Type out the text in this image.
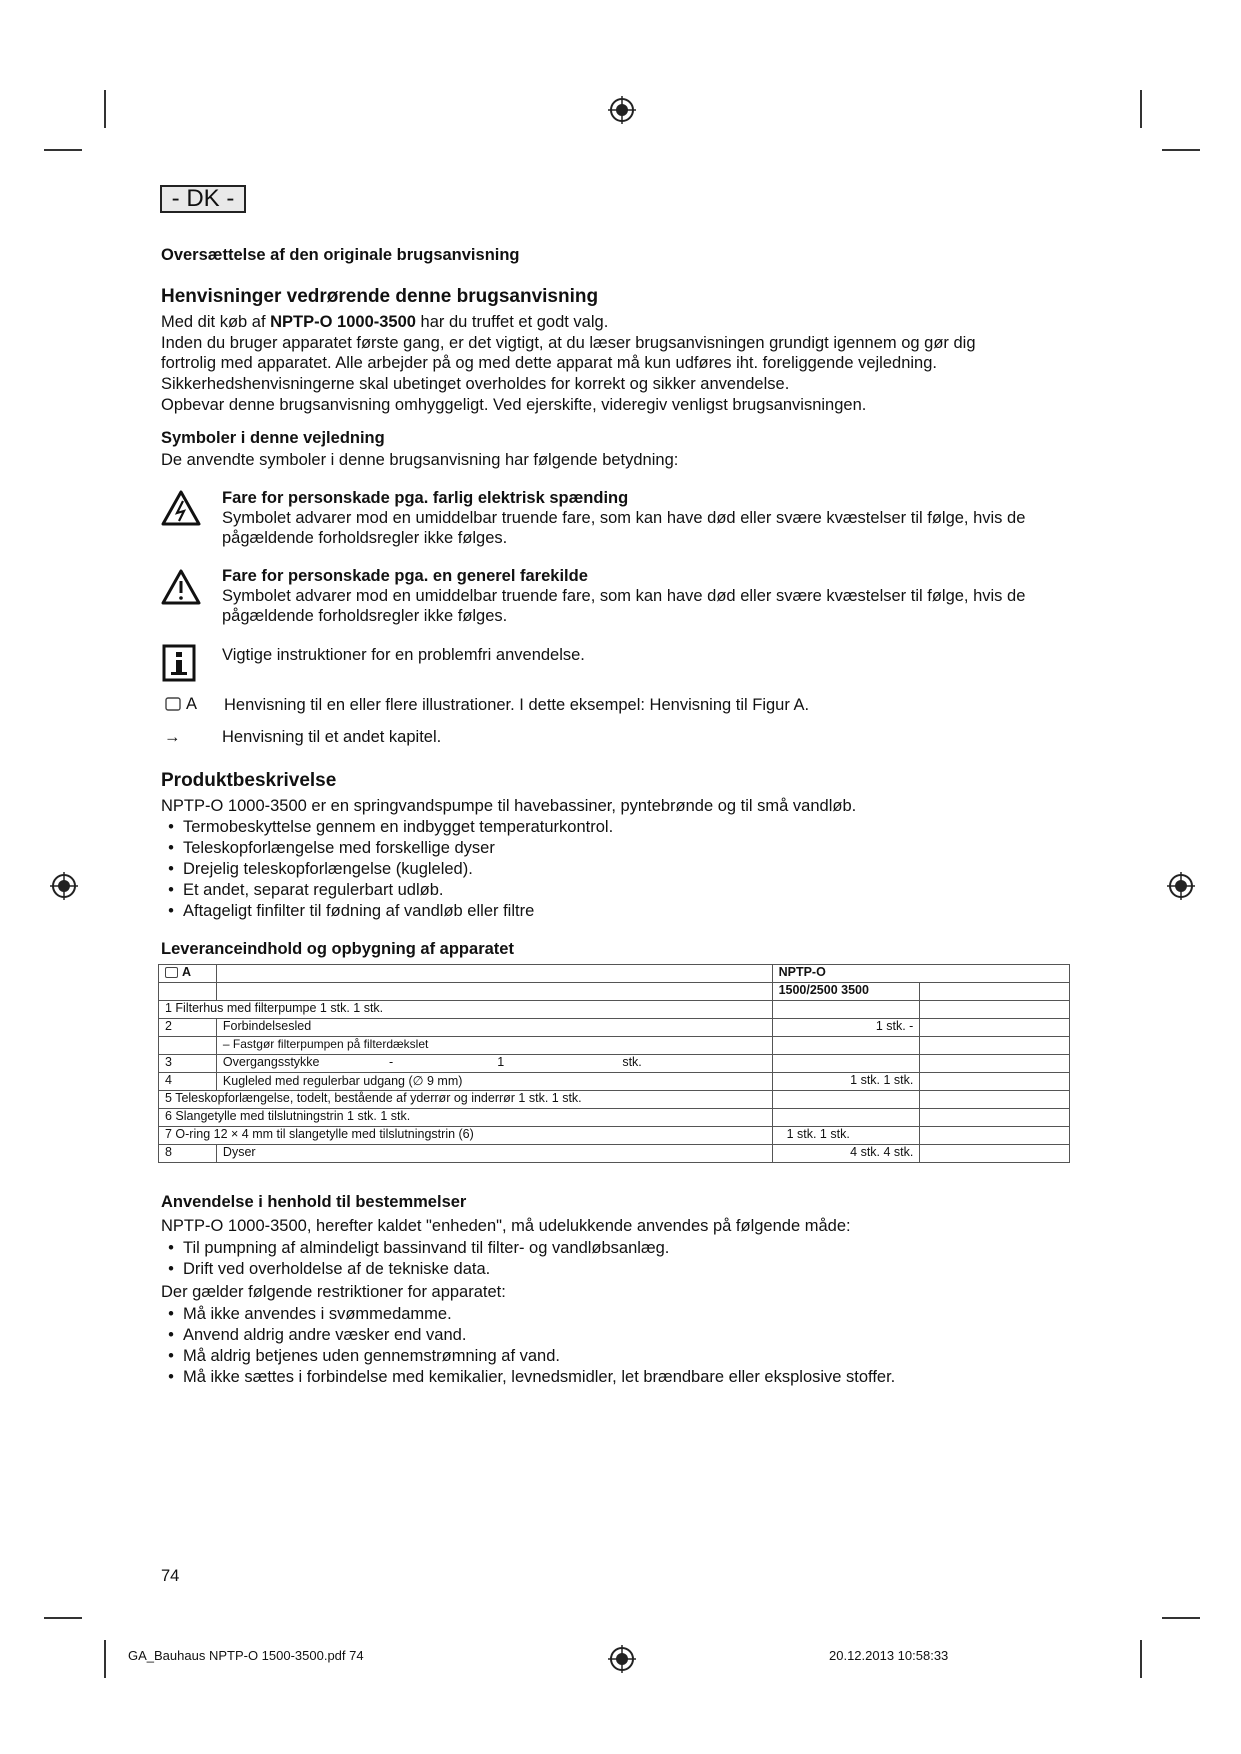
- DK -
Oversættelse af den originale brugsanvisning
Henvisninger vedrørende denne brugsanvisning
Med dit køb af NPTP-O 1000-3500 har du truffet et godt valg.
Inden du bruger apparatet første gang, er det vigtigt, at du læser brugsanvisningen grundigt igennem og gør dig
fortrolig med apparatet. Alle arbejder på og med dette apparat må kun udføres iht. foreliggende vejledning.
Sikkerhedshenvisningerne skal ubetinget overholdes for korrekt og sikker anvendelse.
Opbevar denne brugsanvisning omhyggeligt. Ved ejerskifte, videregiv venligst brugsanvisningen.
Symboler i denne vejledning
De anvendte symboler i denne brugsanvisning har følgende betydning:
Fare for personskade pga. farlig elektrisk spænding
Symbolet advarer mod en umiddelbar truende fare, som kan have død eller svære kvæstelser til følge, hvis de
pågældende forholdsregler ikke følges.
Fare for personskade pga. en generel farekilde
Symbolet advarer mod en umiddelbar truende fare, som kan have død eller svære kvæstelser til følge, hvis de
pågældende forholdsregler ikke følges.
Vigtige instruktioner for en problemfri anvendelse.
A Henvisning til en eller flere illustrationer. I dette eksempel: Henvisning til Figur A.
→	Henvisning til et andet kapitel.
Produktbeskrivelse
NPTP-O 1000-3500 er en springvandspumpe til havebassiner, pyntebrønde og til små vandløb.
• Termobeskyttelse gennem en indbygget temperaturkontrol.
• Teleskopforlængelse med forskellige dyser
• Drejelig teleskopforlængelse (kugleled).
• Et andet, separat regulerbart udløb.
• Aftageligt finfilter til fødning af vandløb eller filtre
Leveranceindhold og opbygning af apparatet
A		NPTP-O	
		1500/2500 3500	
1 Filterhus med filterpumpe 1 stk. 1 stk.			
2	Forbindelsesled	1 stk. -	
	– Fastgør filterpumpen på filterdækslet		
3	Overgangsstykke                    -                              1                                  stk.		
4	Kugleled med regulerbar udgang (∅ 9 mm)	1 stk. 1 stk.	
5 Teleskopforlængelse, todelt, bestående af yderrør og inderrør 1 stk. 1 stk.			
6 Slangetylle med tilslutningstrin 1 stk. 1 stk.			
7 O-ring 12 × 4 mm til slangetylle med tilslutningstrin (6)		1 stk. 1 stk.	
8	Dyser	4 stk. 4 stk.	
Anvendelse i henhold til bestemmelser
NPTP-O 1000-3500, herefter kaldet "enheden", må udelukkende anvendes på følgende måde:
• Til pumpning af almindeligt bassinvand til filter- og vandløbsanlæg.
• Drift ved overholdelse af de tekniske data.
Der gælder følgende restriktioner for apparatet:
• Må ikke anvendes i svømmedamme.
• Anvend aldrig andre væsker end vand.
• Må aldrig betjenes uden gennemstrømning af vand.
• Må ikke sættes i forbindelse med kemikalier, levnedsmidler, let brændbare eller eksplosive stoffer.
74
GA_Bauhaus NPTP-O 1500-3500.pdf 74	20.12.2013 10:58:33
